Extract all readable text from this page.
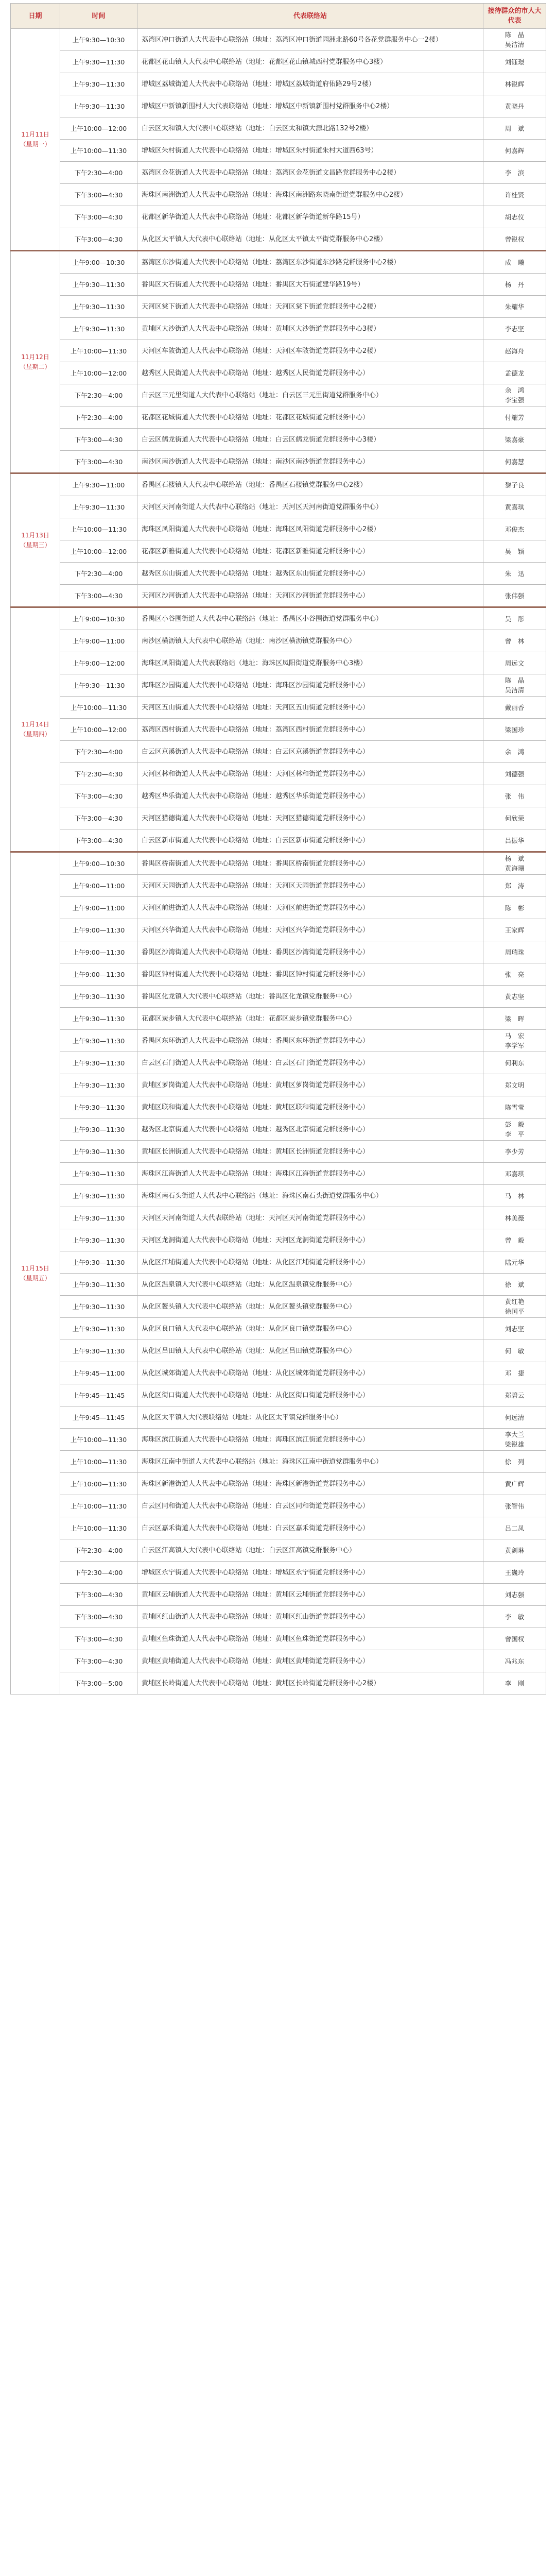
日期	时间	代表联络站	接待群众的市人大代表

11月11日
（星期一）	上午9:30—10:30	荔湾区冲口街道人大代表中心联络站（地址：荔湾区冲口街道园洲北路60号各花党群服务中心一2楼）	陈　晶
吴洁清

	上午9:30—11:30	花都区花山镇人大代表中心联络站（地址：花都区花山镇城西村党群服务中心3楼）	刘钰璟

	上午9:30—11:30	增城区荔城街道人大代表中心联络站（地址：增城区荔城街道府佑路29号2楼）	林锐辉

	上午9:30—11:30	增城区中新镇新围村人大代表联络站（地址：增城区中新镇新围村党群服务中心2楼）	黄晓丹

	上午10:00—12:00	白云区太和镇人大代表中心联络站（地址：白云区太和镇大源北路132号2楼）	周　斌

	上午10:00—11:30	增城区朱村街道人大代表中心联络站（地址：增城区朱村街道朱村大道西63号）	何嘉辉

	下午2:30—4:00	荔湾区金花街道人大代表中心联络站（地址：荔湾区金花街道文昌路党群服务中心2楼）	李　滨

	下午3:00—4:30	海珠区南洲街道人大代表中心联络站（地址：海珠区南洲路东晓南街道党群服务中心2楼）	许桂贤

	下午3:00—4:30	花都区新华街道人大代表中心联络站（地址：花都区新华街道新华路15号）	胡志仪

	下午3:00—4:30	从化区太平镇人大代表中心联络站（地址：从化区太平镇太平街党群服务中心2楼）	曾锐权

11月12日
（星期二）	上午9:00—10:30	荔湾区东沙街道人大代表中心联络站（地址：荔湾区东沙街道东沙路党群服务中心2楼）	成　曦

	上午9:30—11:30	番禺区大石街道人大代表中心联络站（地址：番禺区大石街道建华路19号）	杨　丹

	上午9:30—11:30	天河区棠下街道人大代表中心联络站（地址：天河区棠下街道党群服务中心2楼）	朱耀华

	上午9:30—11:30	黄埔区大沙街道人大代表中心联络站（地址：黄埔区大沙街道党群服务中心3楼）	李志坚

	上午10:00—11:30	天河区车陂街道人大代表中心联络站（地址：天河区车陂街道党群服务中心2楼）	赵海舟

	上午10:00—12:00	越秀区人民街道人大代表中心联络站（地址：越秀区人民街道党群服务中心）	孟德龙

	下午2:30—4:00	白云区三元里街道人大代表中心联络站（地址：白云区三元里街道党群服务中心）	余　鸿
李宝强

	下午2:30—4:00	花都区花城街道人大代表中心联络站（地址：花都区花城街道党群服务中心）	付耀芳

	下午3:00—4:30	白云区鹤龙街道人大代表中心联络站（地址：白云区鹤龙街道党群服务中心3楼）	梁嘉豪

	下午3:00—4:30	南沙区南沙街道人大代表中心联络站（地址：南沙区南沙街道党群服务中心）	何嘉慧

11月13日
（星期三）	上午9:30—11:00	番禺区石楼镇人大代表中心联络站（地址：番禺区石楼镇党群服务中心2楼）	黎子良

	上午9:30—11:30	天河区天河南街道人大代表中心联络站（地址：天河区天河南街道党群服务中心）	黄嘉琪

	上午10:00—11:30	海珠区凤阳街道人大代表中心联络站（地址：海珠区凤阳街道党群服务中心2楼）	邓俊杰

	上午10:00—12:00	花都区新雅街道人大代表中心联络站（地址：花都区新雅街道党群服务中心）	吴　颖

	下午2:30—4:00	越秀区东山街道人大代表中心联络站（地址：越秀区东山街道党群服务中心）	朱　迅

	下午3:00—4:30	天河区沙河街道人大代表中心联络站（地址：天河区沙河街道党群服务中心）	张伟强

11月14日
（星期四）	上午9:00—10:30	番禺区小谷围街道人大代表中心联络站（地址：番禺区小谷围街道党群服务中心）	吴　彤

	上午9:00—11:00	南沙区横沥镇人大代表中心联络站（地址：南沙区横沥镇党群服务中心）	曾　林

	上午9:00—12:00	海珠区凤阳街道人大代表联络站（地址：海珠区凤阳街道党群服务中心3楼）	周远文

	上午9:30—11:30	海珠区沙园街道人大代表中心联络站（地址：海珠区沙园街道党群服务中心）	陈　晶
吴洁清

	上午10:00—11:30	天河区五山街道人大代表中心联络站（地址：天河区五山街道党群服务中心）	戴丽香

	上午10:00—12:00	荔湾区西村街道人大代表中心联络站（地址：荔湾区西村街道党群服务中心）	梁国珍

	下午2:30—4:00	白云区京溪街道人大代表中心联络站（地址：白云区京溪街道党群服务中心）	余　鸿

	下午2:30—4:30	天河区林和街道人大代表中心联络站（地址：天河区林和街道党群服务中心）	刘德强

	下午3:00—4:30	越秀区华乐街道人大代表中心联络站（地址：越秀区华乐街道党群服务中心）	张　伟

	下午3:00—4:30	天河区猎德街道人大代表中心联络站（地址：天河区猎德街道党群服务中心）	何欣荣

	下午3:00—4:30	白云区新市街道人大代表中心联络站（地址：白云区新市街道党群服务中心）	吕振华

11月15日
（星期五）	上午9:00—10:30	番禺区桥南街道人大代表中心联络站（地址：番禺区桥南街道党群服务中心）	杨　斌
黄海珊

	上午9:00—11:00	天河区天园街道人大代表中心联络站（地址：天河区天园街道党群服务中心）	郑　涛

	上午9:00—11:00	天河区前进街道人大代表中心联络站（地址：天河区前进街道党群服务中心）	陈　彬

	上午9:00—11:30	天河区兴华街道人大代表中心联络站（地址：天河区兴华街道党群服务中心）	王家辉

	上午9:00—11:30	番禺区沙湾街道人大代表中心联络站（地址：番禺区沙湾街道党群服务中心）	周瑞珠

	上午9:00—11:30	番禺区钟村街道人大代表中心联络站（地址：番禺区钟村街道党群服务中心）	张　亮

	上午9:30—11:30	番禺区化龙镇人大代表中心联络站（地址：番禺区化龙镇党群服务中心）	黄志坚

	上午9:30—11:30	花都区炭步镇人大代表中心联络站（地址：花都区炭步镇党群服务中心）	梁　晖

	上午9:30—11:30	番禺区东环街道人大代表中心联络站（地址：番禺区东环街道党群服务中心）	马　宏
李学军

	上午9:30—11:30	白云区石门街道人大代表中心联络站（地址：白云区石门街道党群服务中心）	何利东

	上午9:30—11:30	黄埔区萝岗街道人大代表中心联络站（地址：黄埔区萝岗街道党群服务中心）	郑文明

	上午9:30—11:30	黄埔区联和街道人大代表中心联络站（地址：黄埔区联和街道党群服务中心）	陈雪莹

	上午9:30—11:30	越秀区北京街道人大代表中心联络站（地址：越秀区北京街道党群服务中心）	彭　毅
李　平

	上午9:30—11:30	黄埔区长洲街道人大代表中心联络站（地址：黄埔区长洲街道党群服务中心）	李少芳

	上午9:30—11:30	海珠区江海街道人大代表中心联络站（地址：海珠区江海街道党群服务中心）	邓嘉琪

	上午9:30—11:30	海珠区南石头街道人大代表中心联络站（地址：海珠区南石头街道党群服务中心）	马　林

	上午9:30—11:30	天河区天河南街道人大代表联络站（地址：天河区天河南街道党群服务中心）	林美薇

	上午9:30—11:30	天河区龙洞街道人大代表中心联络站（地址：天河区龙洞街道党群服务中心）	曾　毅

	上午9:30—11:30	从化区江埔街道人大代表中心联络站（地址：从化区江埔街道党群服务中心）	陆元华

	上午9:30—11:30	从化区温泉镇人大代表中心联络站（地址：从化区温泉镇党群服务中心）	徐　斌

	上午9:30—11:30	从化区鳌头镇人大代表中心联络站（地址：从化区鳌头镇党群服务中心）	黄红艳
徐国平

	上午9:30—11:30	从化区良口镇人大代表中心联络站（地址：从化区良口镇党群服务中心）	刘志坚

	上午9:30—11:30	从化区吕田镇人大代表中心联络站（地址：从化区吕田镇党群服务中心）	何　敏

	上午9:45—11:00	从化区城郊街道人大代表中心联络站（地址：从化区城郊街道党群服务中心）	邓　捷

	上午9:45—11:45	从化区街口街道人大代表中心联络站（地址：从化区街口街道党群服务中心）	郑碧云

	上午9:45—11:45	从化区太平镇人大代表联络站（地址：从化区太平镇党群服务中心）	何远清

	上午10:00—11:30	海珠区滨江街道人大代表中心联络站（地址：海珠区滨江街道党群服务中心）	李大兰
梁锐雄

	上午10:00—11:30	海珠区江南中街道人大代表中心联络站（地址：海珠区江南中街道党群服务中心）	徐　列

	上午10:00—11:30	海珠区新港街道人大代表中心联络站（地址：海珠区新港街道党群服务中心）	黄广辉

	上午10:00—11:30	白云区同和街道人大代表中心联络站（地址：白云区同和街道党群服务中心）	张智伟

	上午10:00—11:30	白云区嘉禾街道人大代表中心联络站（地址：白云区嘉禾街道党群服务中心）	吕二凤

	下午2:30—4:00	白云区江高镇人大代表中心联络站（地址：白云区江高镇党群服务中心）	黄剑琳

	下午2:30—4:00	增城区永宁街道人大代表中心联络站（地址：增城区永宁街道党群服务中心）	王巍玲

	下午3:00—4:30	黄埔区云埔街道人大代表中心联络站（地址：黄埔区云埔街道党群服务中心）	刘志强

	下午3:00—4:30	黄埔区红山街道人大代表中心联络站（地址：黄埔区红山街道党群服务中心）	李　敏

	下午3:00—4:30	黄埔区鱼珠街道人大代表中心联络站（地址：黄埔区鱼珠街道党群服务中心）	曾国权

	下午3:00—4:30	黄埔区黄埔街道人大代表中心联络站（地址：黄埔区黄埔街道党群服务中心）	冯兆东

	下午3:00—5:00	黄埔区长岭街道人大代表中心联络站（地址：黄埔区长岭街道党群服务中心2楼）	李　刚
